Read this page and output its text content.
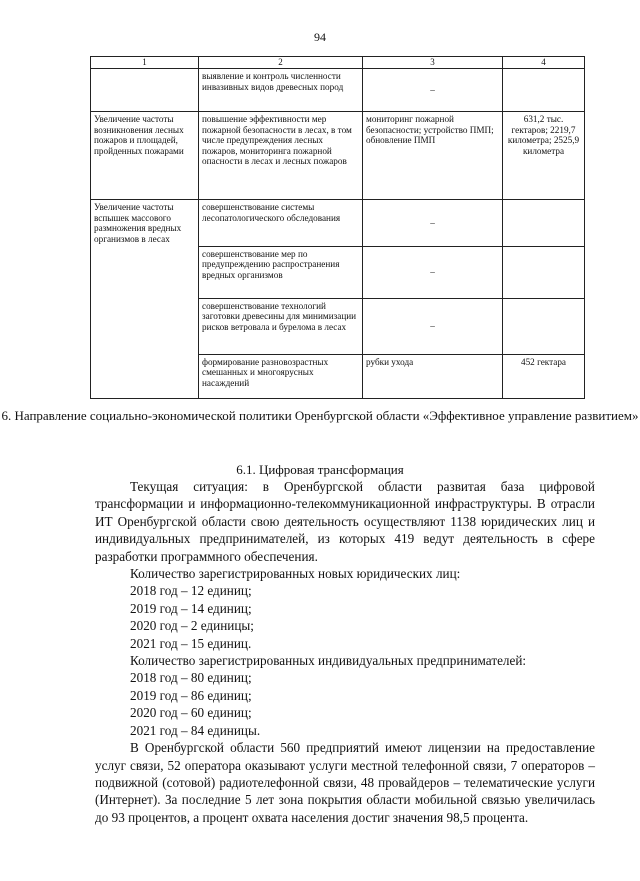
94
1	2	3	4
	выявление и контроль численности инвазивных видов древесных пород	–	
Увеличение частоты возникновения лесных пожаров и площадей, пройденных пожарами	повышение эффективности мер пожарной безопасности в лесах, в том числе предупреждения лесных пожаров, мониторинга пожарной опасности в лесах и лесных пожаров	мониторинг пожарной безопасности; устройство ПМП; обновление ПМП	631,2 тыс. гектаров; 2219,7 километра; 2525,9 километра
Увеличение частоты вспышек массового размножения вредных организмов в лесах	совершенствование системы лесопатологического обследования	–	
	совершенствование мер по предупреждению распространения вредных организмов	–	
	совершенствование технологий заготовки древесины для минимизации рисков ветровала и бурелома в лесах	–	
	формирование разновозрастных смешанных и многоярусных насаждений	рубки ухода	452 гектара
6. Направление социально-экономической политики Оренбургской области «Эффективное управление развитием»
6.1. Цифровая трансформация

Текущая ситуация: в Оренбургской области развитая база цифровой трансформации и информационно-телекоммуникационной инфраструктуры. В отрасли ИТ Оренбургской области свою деятельность осуществляют 1138 юридических лиц и индивидуальных предпринимателей, из которых 419 ведут деятельность в сфере разработки программного обеспечения.

Количество зарегистрированных новых юридических лиц:

2018 год – 12 единиц;

2019 год – 14 единиц;

2020 год – 2 единицы;

2021 год – 15 единиц.

Количество зарегистрированных индивидуальных предпринимателей:

2018 год – 80 единиц;

2019 год – 86 единиц;

2020 год – 60 единиц;

2021 год – 84 единицы.

В Оренбургской области 560 предприятий имеют лицензии на предоставление услуг связи, 52 оператора оказывают услуги местной телефонной связи, 7 операторов – подвижной (сотовой) радиотелефонной связи, 48 провайдеров – телематические услуги (Интернет). За последние 5 лет зона покрытия области мобильной связью увеличилась до 93 процентов, а процент охвата населения достиг значения 98,5 процента.
